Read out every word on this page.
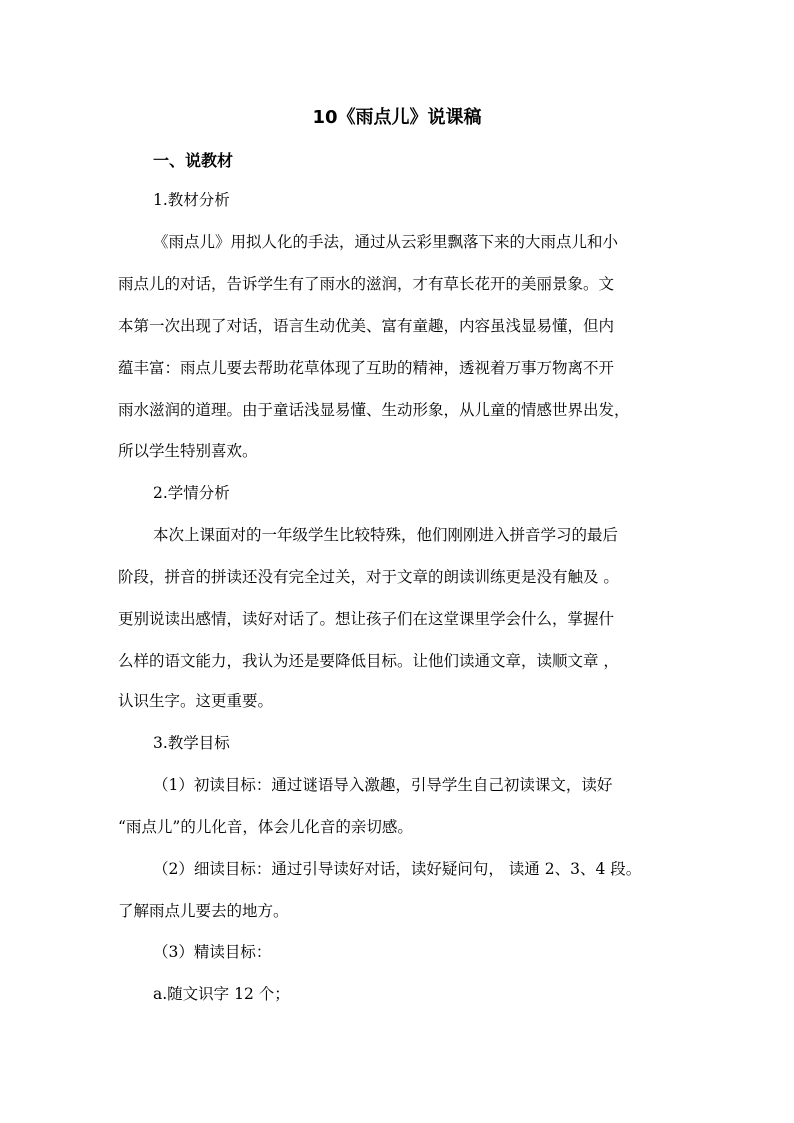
10《雨点儿》说课稿
一、说教材
1.教材分析
《雨点儿》用拟人化的手法，通过从云彩里飘落下来的大雨点儿和小
雨点儿的对话，告诉学生有了雨水的滋润，才有草长花开的美丽景象。文
本第一次出现了对话，语言生动优美、富有童趣，内容虽浅显易懂，但内
蕴丰富：雨点儿要去帮助花草体现了互助的精神，透视着万事万物离不开
雨水滋润的道理。由于童话浅显易懂、生动形象，从儿童的情感世界出发，
所以学生特别喜欢。
2.学情分析
本次上课面对的一年级学生比较特殊，他们刚刚进入拼音学习的最后
阶段，拼音的拼读还没有完全过关，对于文章的朗读训练更是没有触及 。
更别说读出感情，读好对话了。想让孩子们在这堂课里学会什么，掌握什
么样的语文能力，我认为还是要降低目标。让他们读通文章，读顺文章 ，
认识生字。这更重要。
3.教学目标
（1）初读目标：通过谜语导入激趣，引导学生自己初读课文，读好
“雨点儿”的儿化音，体会儿化音的亲切感。
（2）细读目标：通过引导读好对话，读好疑问句， 读通 2、3、4 段。
了解雨点儿要去的地方。
（3）精读目标：
a.随文识字 12 个；
